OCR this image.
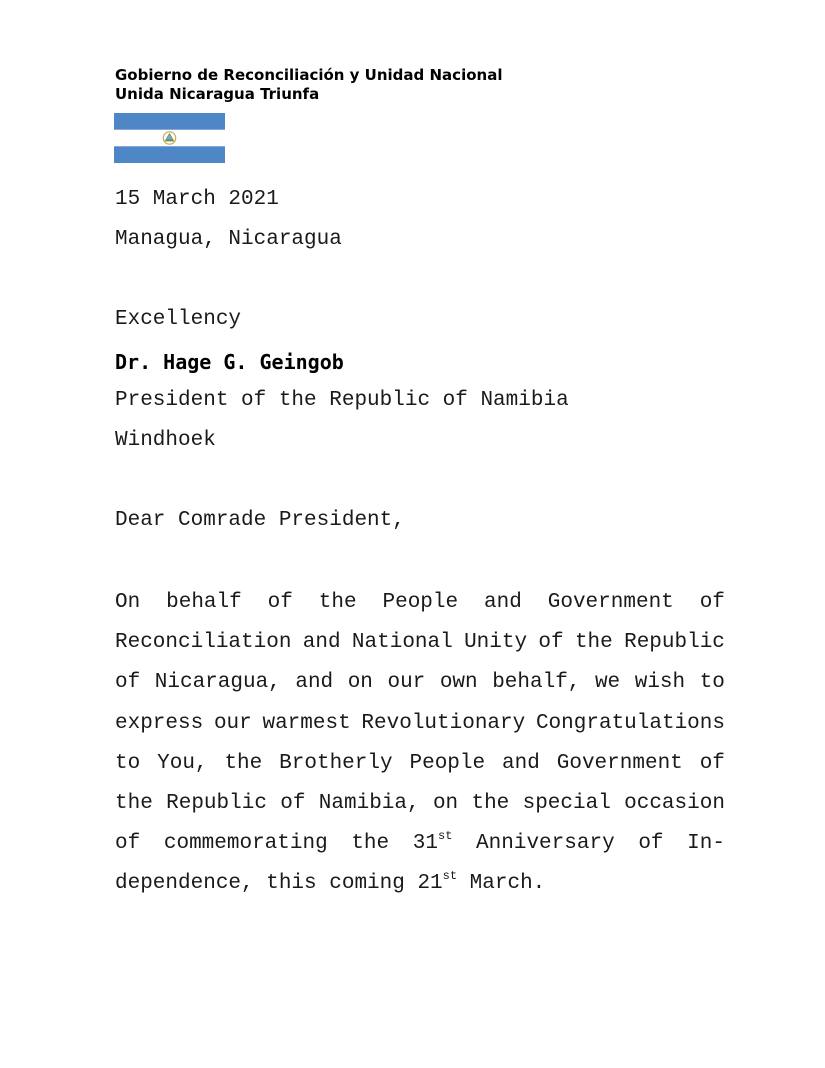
Gobierno de Reconciliación y Unidad Nacional
Unida Nicaragua Triunfa
15 March 2021
Managua, Nicaragua
Excellency
Dr. Hage G. Geingob
President of the Republic of Namibia
Windhoek
Dear Comrade President,
On behalf of the People and Government of
Reconciliation and National Unity of the Republic
of Nicaragua, and on our own behalf, we wish to
express our warmest Revolutionary Congratulations
to You, the Brotherly People and Government of
the Republic of Namibia, on the special occasion
of commemorating the 31st Anniversary of In-
dependence, this coming 21st March.
